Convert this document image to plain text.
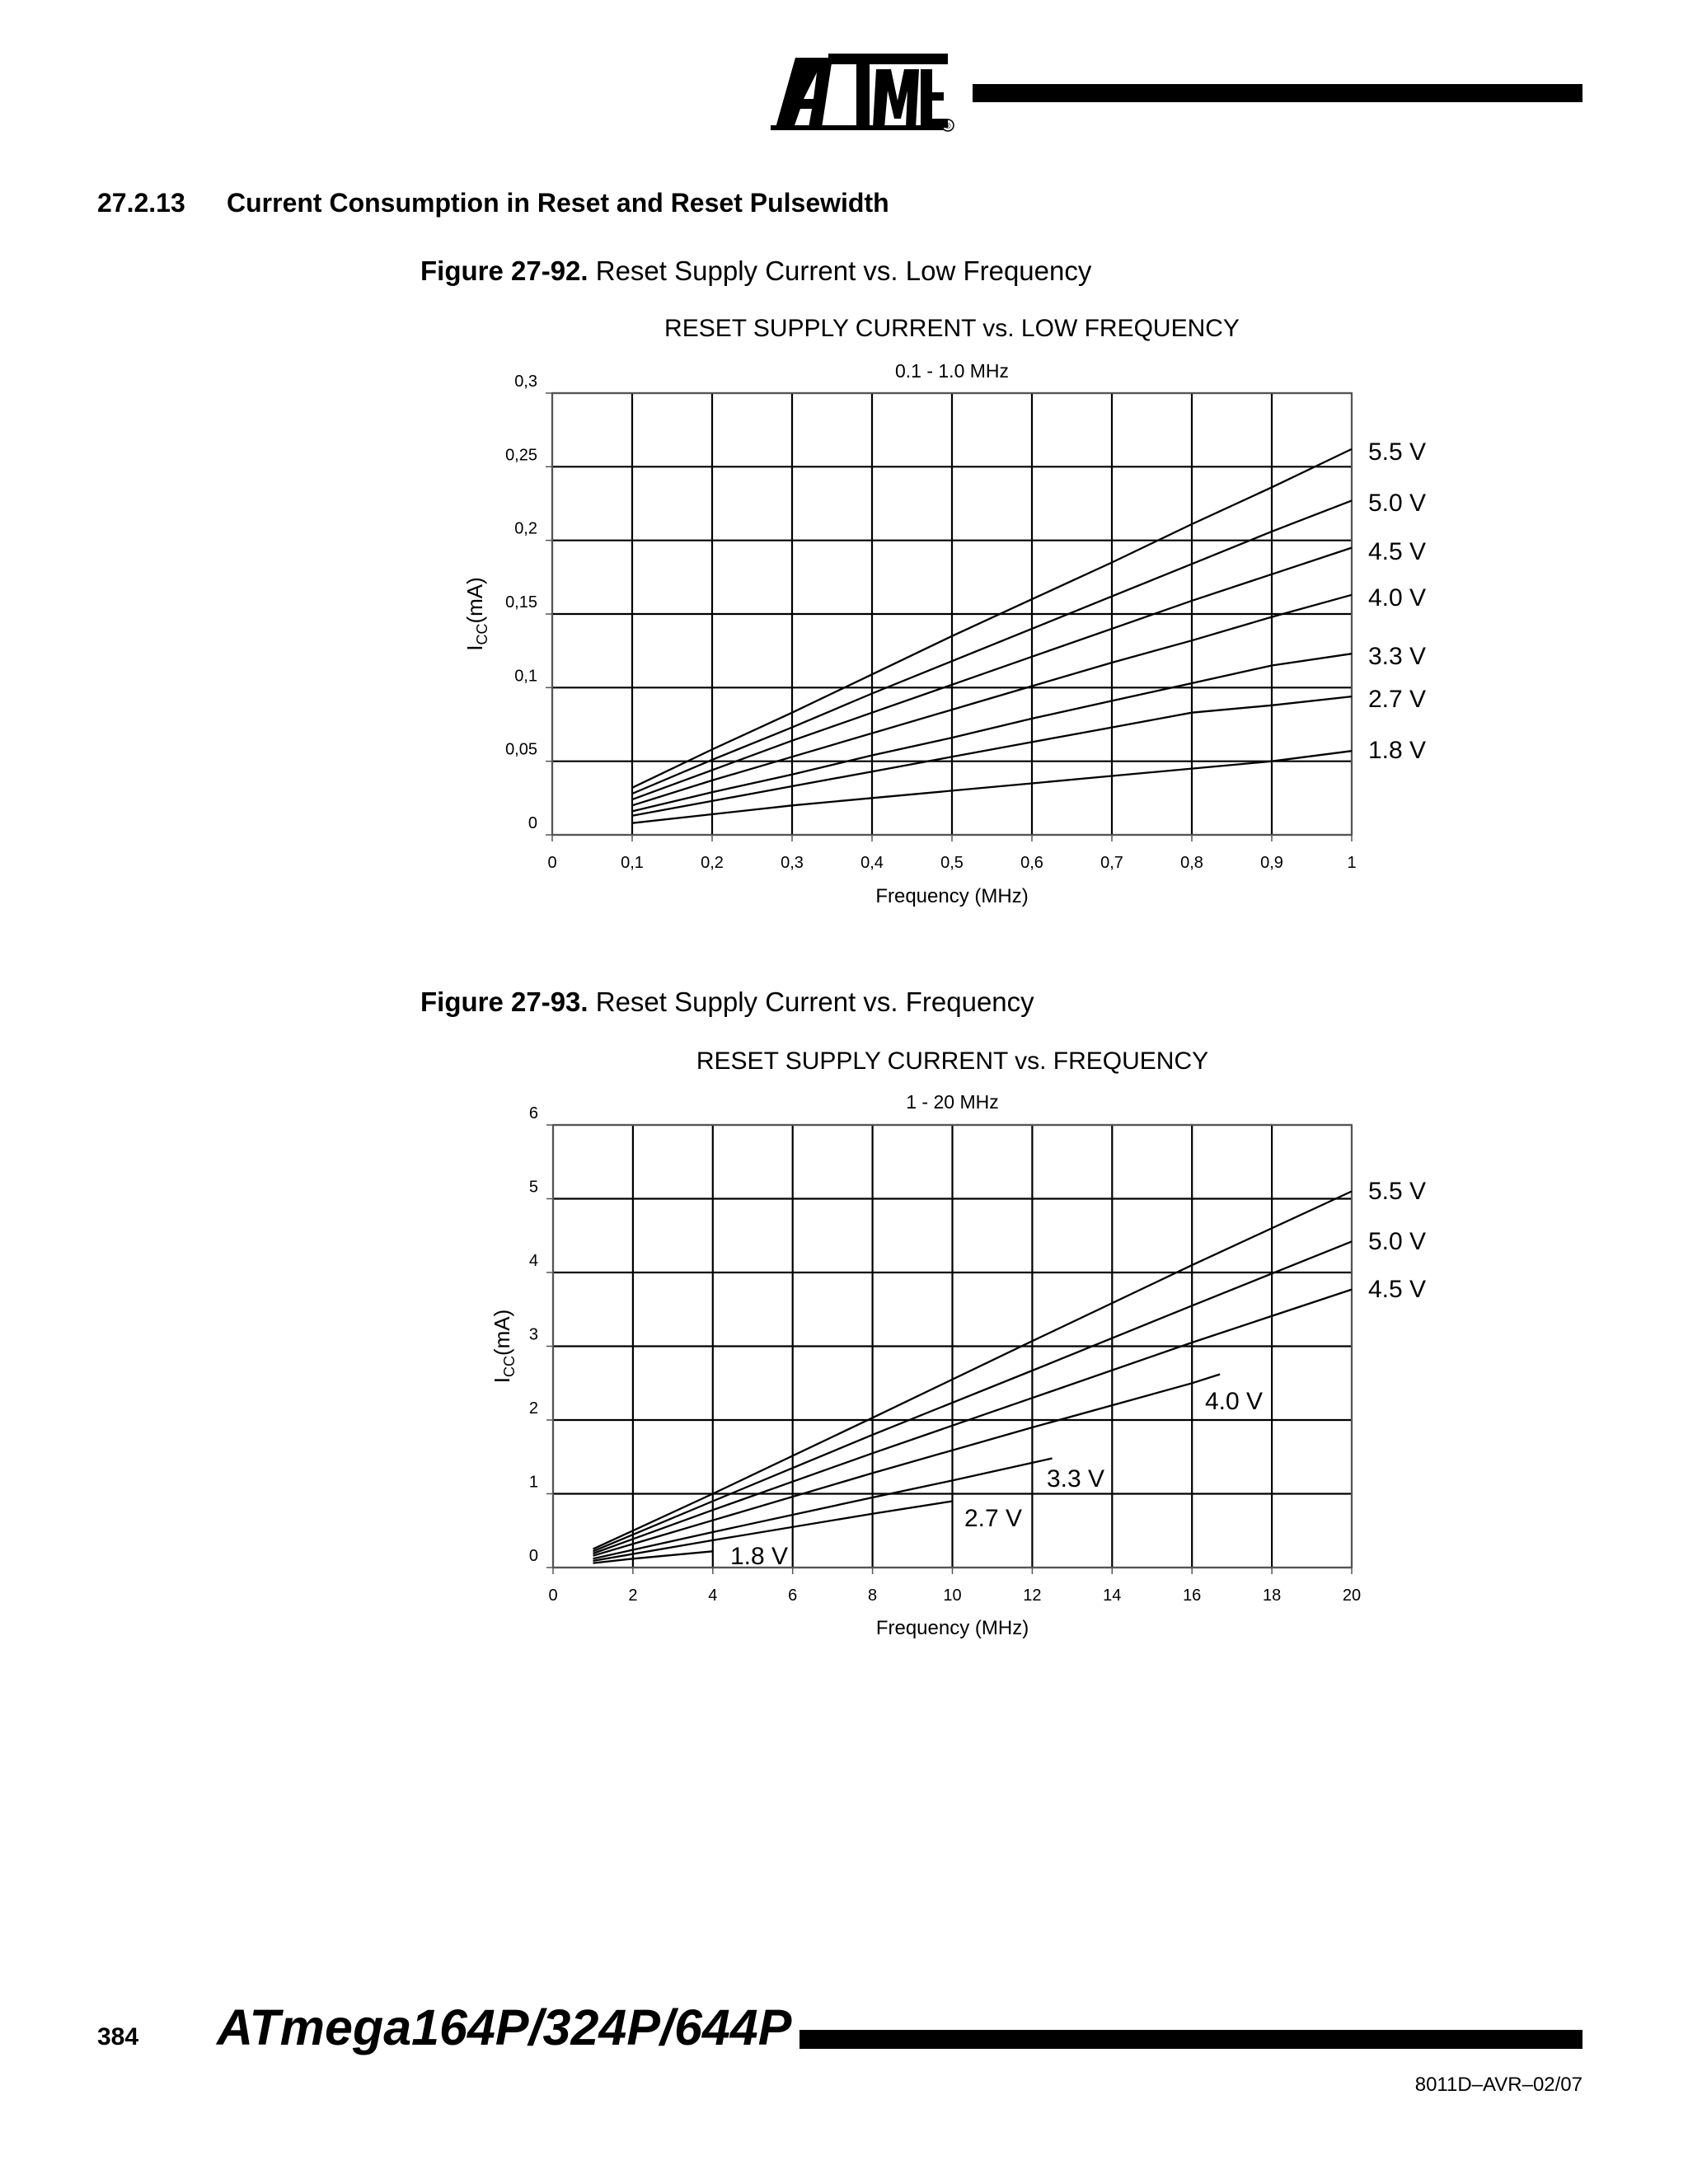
®
27.2.13 Current Consumption in Reset and Reset Pulsewidth
Figure 27-92. Reset Supply Current vs. Low Frequency
Figure 27-93. Reset Supply Current vs. Frequency
RESET SUPPLY CURRENT vs. LOW FREQUENCY
0.1 - 1.0 MHz
0	0,1	0,2	0,3	0,4	0,5	0,6	0,7	0,8	0,9	1
0
0,05
0,1
0,15
0,2
0,25
0,3
Frequency (MHz)
$I_{CC}(mA)$
5.5 V
5.0 V
4.5 V
4.0 V
3.3 V
2.7 V
1.8 V
RESET SUPPLY CURRENT vs. FREQUENCY
1 - 20 MHz
0	2	4	6	8	10	12	14	16	18	20
0
1
2
3
4
5
6
Frequency (MHz)
$I_{CC}(mA)$
5.5 V
5.0 V
4.5 V
4.0 V
3.3 V
2.7 V
1.8 V
384 ATmega164P/324P/644P
8011D–AVR–02/07
